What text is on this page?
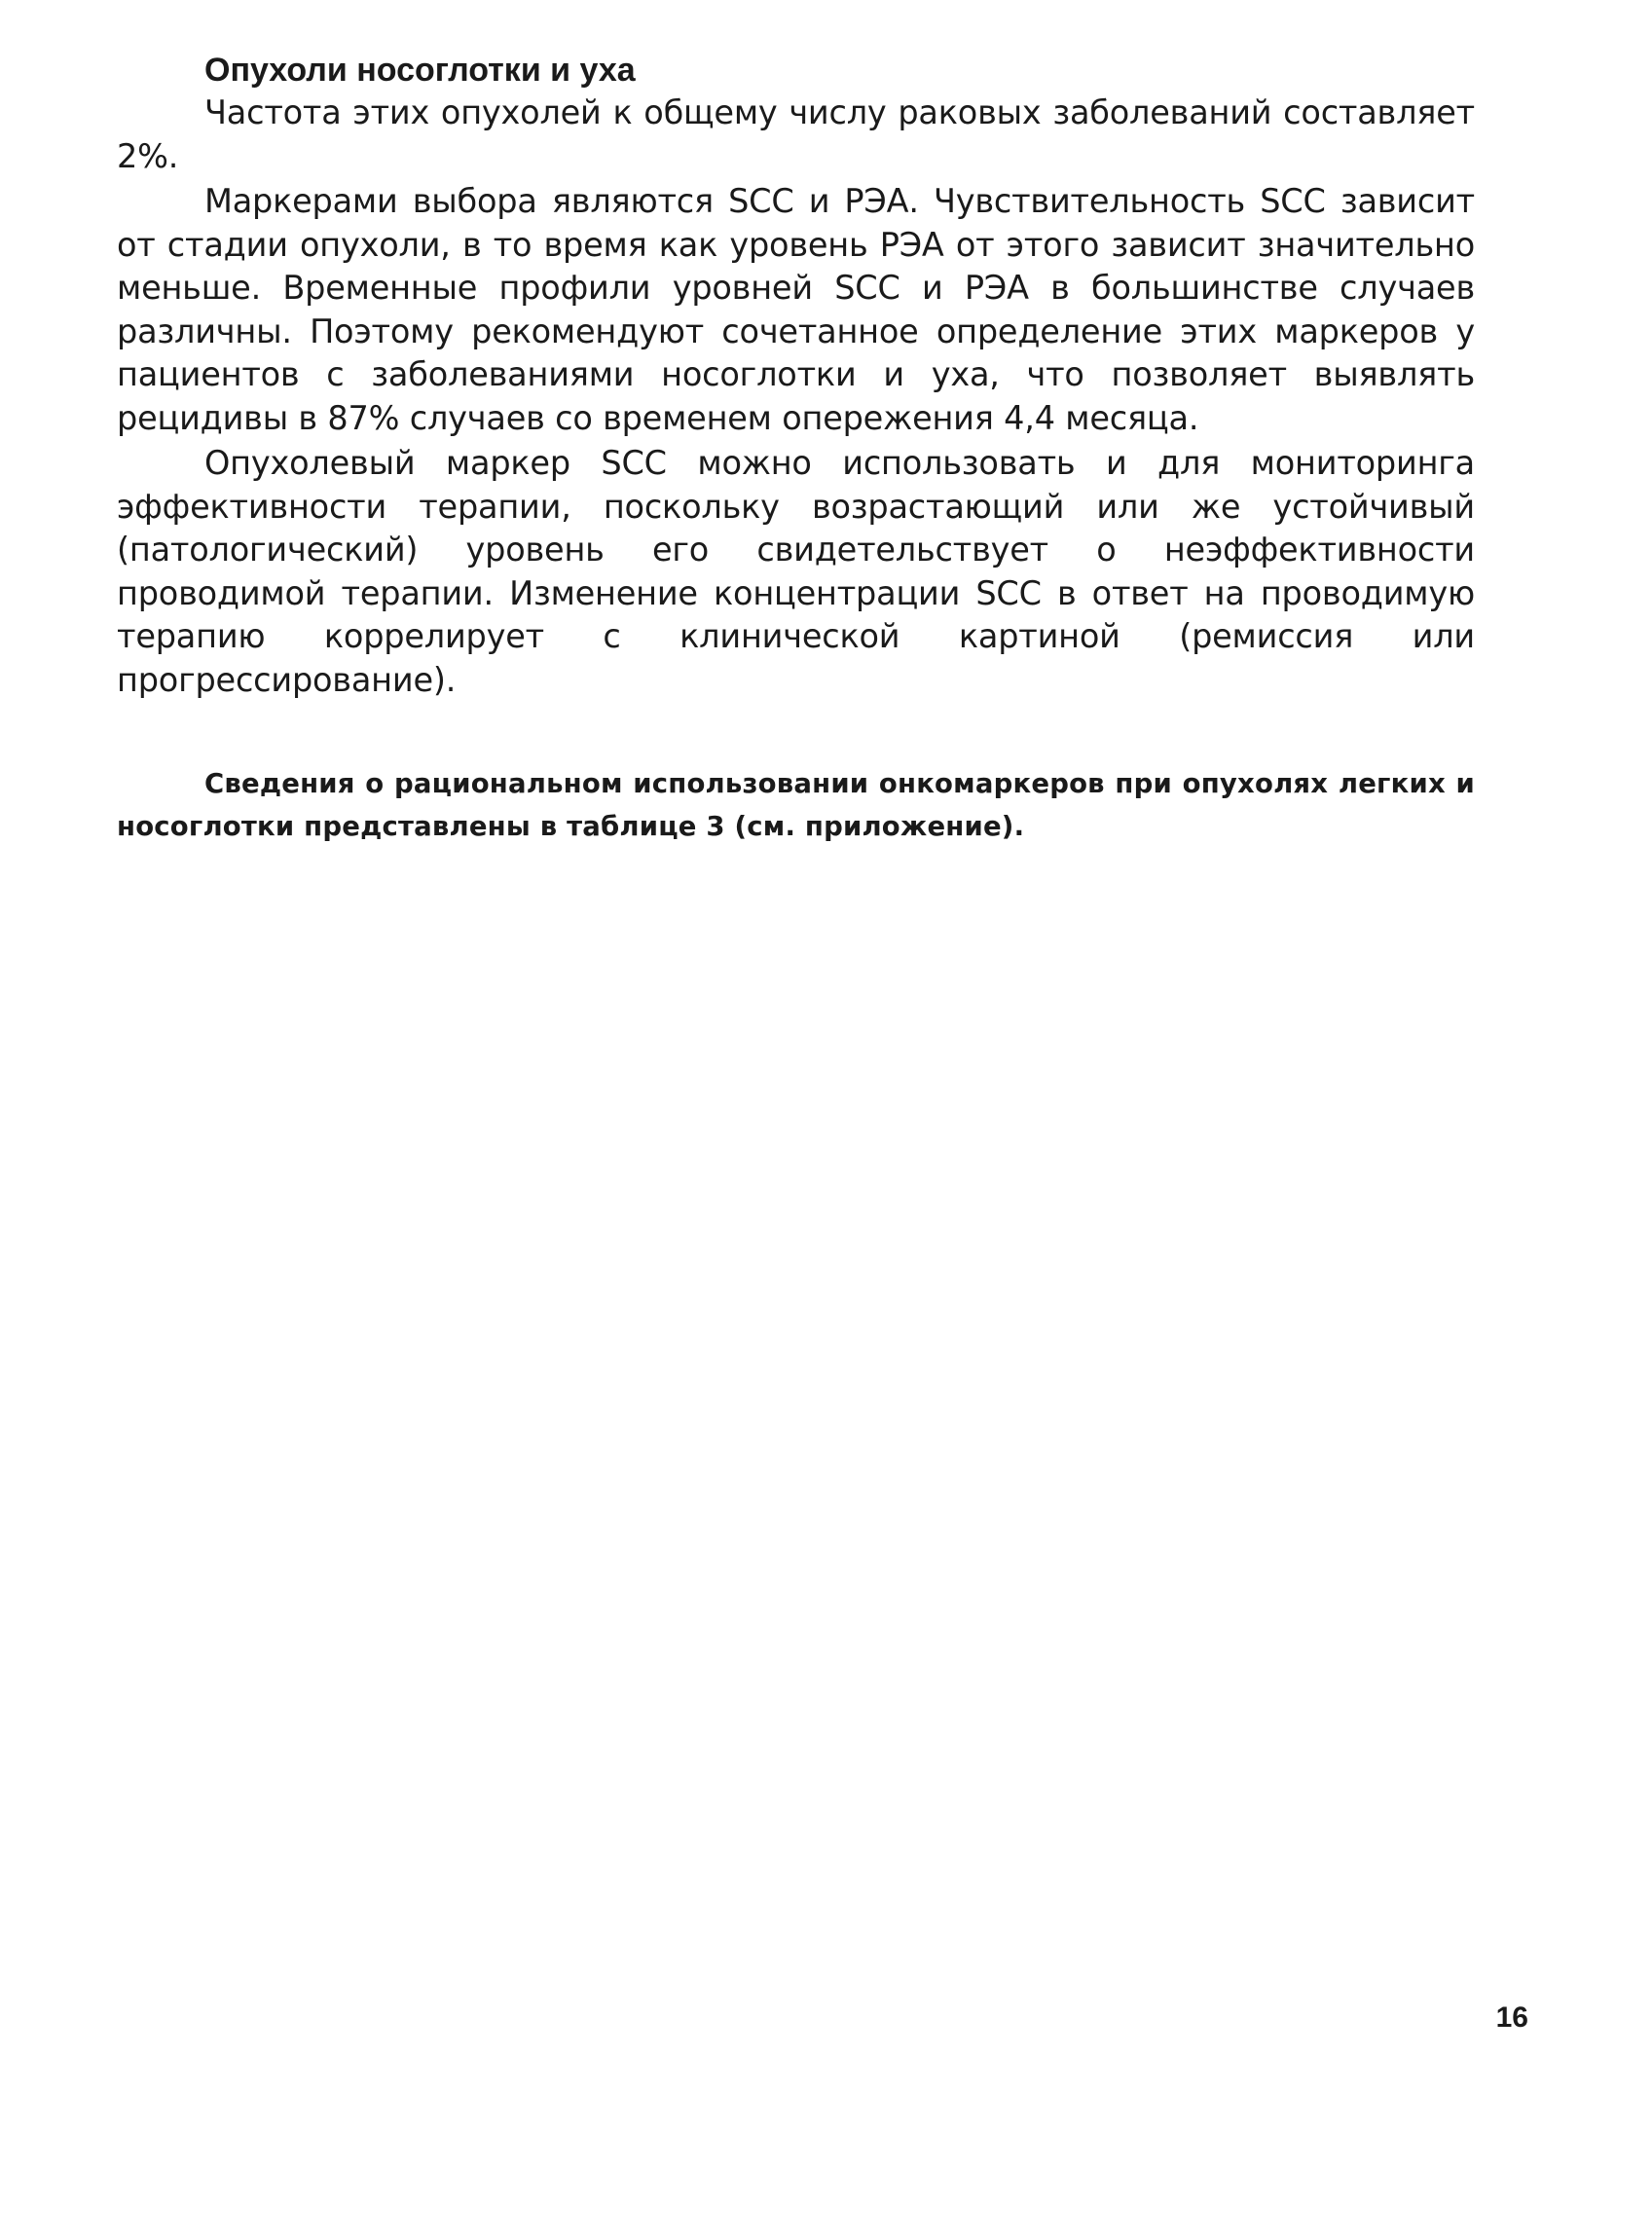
Опухоли носоглотки и уха

Частота этих опухолей к общему числу раковых заболеваний составляет 2%.

Маркерами выбора являются SCC и РЭА. Чувствительность SCC зависит от стадии опухоли, в то время как уровень РЭА от этого зависит значительно меньше. Временные профили уровней SCC и РЭА в большинстве случаев различны. Поэтому рекомендуют сочетанное определение этих маркеров у пациентов с заболеваниями носоглотки и уха, что позволяет выявлять рецидивы в 87% случаев со временем опережения 4,4 месяца.

Опухолевый маркер SCC можно использовать и для мониторинга эффективности терапии, поскольку возрастающий или же устойчивый (патологический) уровень его свидетельствует о неэффективности проводимой терапии. Изменение концентрации SCC в ответ на проводимую терапию коррелирует с клинической картиной (ремиссия или прогрессирование).

Сведения о рациональном использовании онкомаркеров при опухолях легких и носоглотки представлены в таблице 3 (см. приложение).

16
